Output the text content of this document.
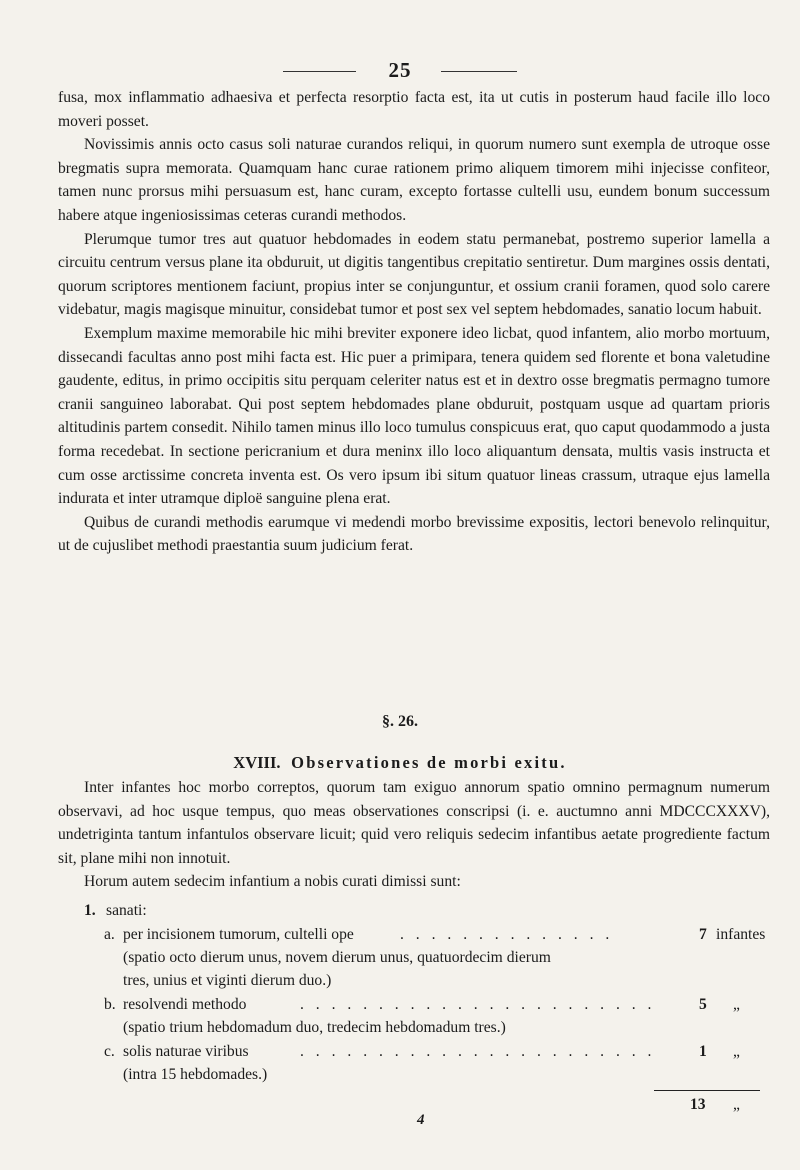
25

fusa, mox inflammatio adhaesiva et perfecta resorptio facta est, ita ut cutis in posterum haud facile illo loco moveri posset.

Novissimis annis octo casus soli naturae curandos reliqui, in quorum numero sunt exempla de utroque osse bregmatis supra memorata. Quamquam hanc curae rationem primo aliquem timorem mihi injecisse confiteor, tamen nunc prorsus mihi persuasum est, hanc curam, excepto fortasse cultelli usu, eundem bonum successum habere atque ingeniosissimas ceteras curandi methodos.

Plerumque tumor tres aut quatuor hebdomades in eodem statu permanebat, postremo superior lamella a circuitu centrum versus plane ita obduruit, ut digitis tangentibus crepitatio sentiretur. Dum margines ossis dentati, quorum scriptores mentionem faciunt, propius inter se conjunguntur, et ossium cranii foramen, quod solo carere videbatur, magis magisque minuitur, considebat tumor et post sex vel septem hebdomades, sanatio locum habuit.

Exemplum maxime memorabile hic mihi breviter exponere ideo licbat, quod infantem, alio morbo mortuum, dissecandi facultas anno post mihi facta est. Hic puer a primipara, tenera quidem sed florente et bona valetudine gaudente, editus, in primo occipitis situ perquam celeriter natus est et in dextro osse bregmatis permagno tumore cranii sanguineo laborabat. Qui post septem hebdomades plane obduruit, postquam usque ad quartam prioris altitudinis partem consedit. Nihilo tamen minus illo loco tumulus conspicuus erat, quo caput quodammodo a justa forma recedebat. In sectione pericranium et dura meninx illo loco aliquantum densata, multis vasis instructa et cum osse arctissime concreta inventa est. Os vero ipsum ibi situm quatuor lineas crassum, utraque ejus lamella indurata et inter utramque diploë sanguine plena erat.

Quibus de curandi methodis earumque vi medendi morbo brevissime expositis, lectori benevolo relinquitur, ut de cujuslibet methodi praestantia suum judicium ferat.

§. 26.
XVIII. Observationes de morbi exitu.

Inter infantes hoc morbo correptos, quorum tam exiguo annorum spatio omnino permagnum numerum observavi, ad hoc usque tempus, quo meas observationes conscripsi (i. e. auctumno anni MDCCCXXXV), undetriginta tantum infantulos observare licuit; quid vero reliquis sedecim infantibus aetate progrediente factum sit, plane mihi non innotuit.

Horum autem sedecim infantium a nobis curati dimissi sunt:

1. sanati:
a. per incisionem tumorum, cultelli ope	. . . . . . . . . . . . . .	7 infantes
(spatio octo dierum unus, novem dierum unus, quatuordecim dierum
tres, unius et viginti dierum duo.)
b. resolvendi methodo	. . . . . . . . . . . . . . . . . . . . . . .	5 „
(spatio trium hebdomadum duo, tredecim hebdomadum tres.)
c. solis naturae viribus	. . . . . . . . . . . . . . . . . . . . . . .	1 „
(intra 15 hebdomades.)
13 „
4
